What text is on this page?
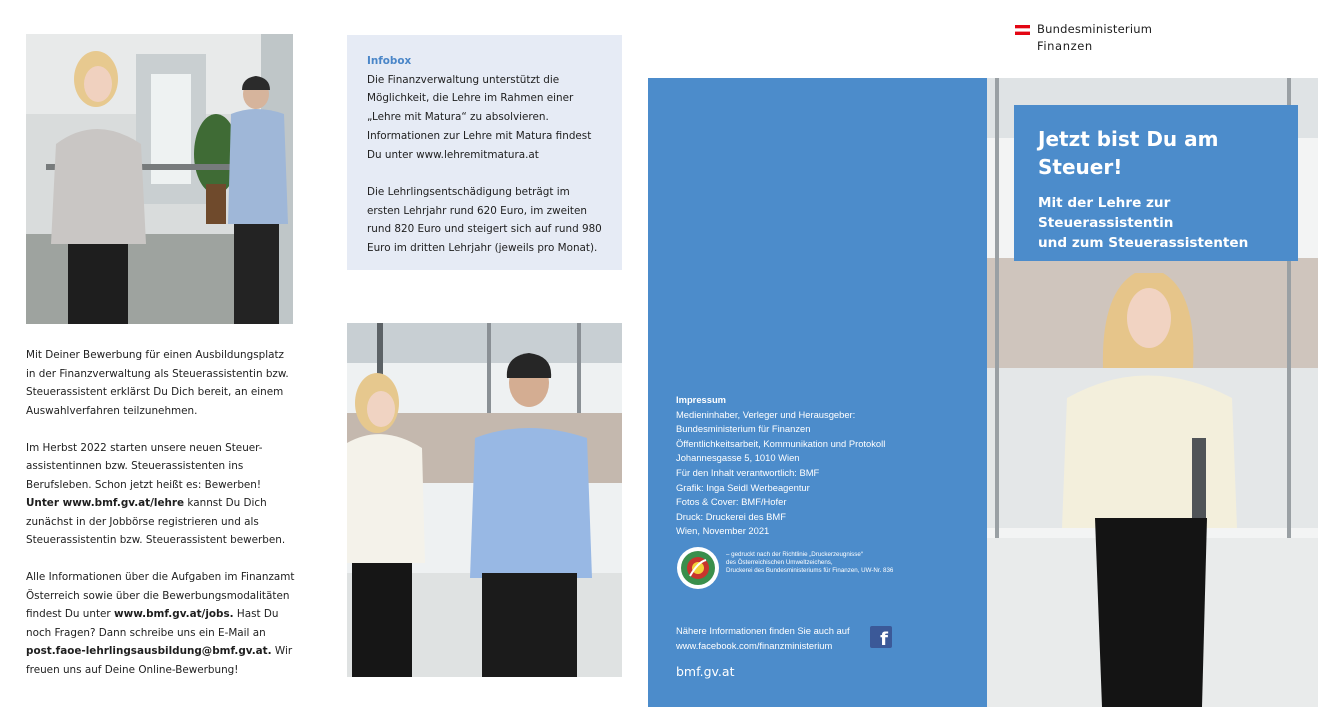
Mit Deiner Bewerbung für einen Ausbildungsplatz in der Finanzverwaltung als Steuerassistentin bzw. Steuerassistent erklärst Du Dich bereit, an einem Auswahlverfahren teilzunehmen.

Im Herbst 2022 starten unsere neuen Steuer-assistentinnen bzw. Steuerassistenten ins Berufsleben. Schon jetzt heißt es: Bewerben! Unter www.bmf.gv.at/lehre kannst Du Dich zunächst in der Jobbörse registrieren und als Steuerassistentin bzw. Steuerassistent bewerben.

Alle Informationen über die Aufgaben im Finanzamt Österreich sowie über die Bewerbungsmodalitäten findest Du unter www.bmf.gv.at/jobs. Hast Du noch Fragen? Dann schreibe uns ein E-Mail an post.faoe-lehrlingsausbildung@bmf.gv.at. Wir freuen uns auf Deine Online-Bewerbung!

Infobox

Die Finanzverwaltung unterstützt die Möglichkeit, die Lehre im Rahmen einer „Lehre mit Matura“ zu absolvieren. Informationen zur Lehre mit Matura findest Du unter www.lehremitmatura.at

Die Lehrlingsentschädigung beträgt im ersten Lehrjahr rund 620 Euro, im zweiten rund 820 Euro und steigert sich auf rund 980 Euro im dritten Lehrjahr (jeweils pro Monat).

Impressum
Medieninhaber, Verleger und Herausgeber:
Bundesministerium für Finanzen
Öffentlichkeitsarbeit, Kommunikation und Protokoll
Johannesgasse 5, 1010 Wien
Für den Inhalt verantwortlich: BMF
Grafik: Inga Seidl Werbeagentur
Fotos & Cover: BMF/Hofer
Druck: Druckerei des BMF
Wien, November 2021
– gedruckt nach der Richtlinie „Druckerzeugnisse“
des Österreichischen Umweltzeichens,
Druckerei des Bundesministeriums für Finanzen, UW-Nr. 836
Nähere Informationen finden Sie auch auf
www.facebook.com/finanzministerium	f
bmf.gv.at
Bundesministerium
Finanzen
Jetzt bist Du am
Steuer!
Mit der Lehre zur Steuerassistentin
und zum Steuerassistenten
